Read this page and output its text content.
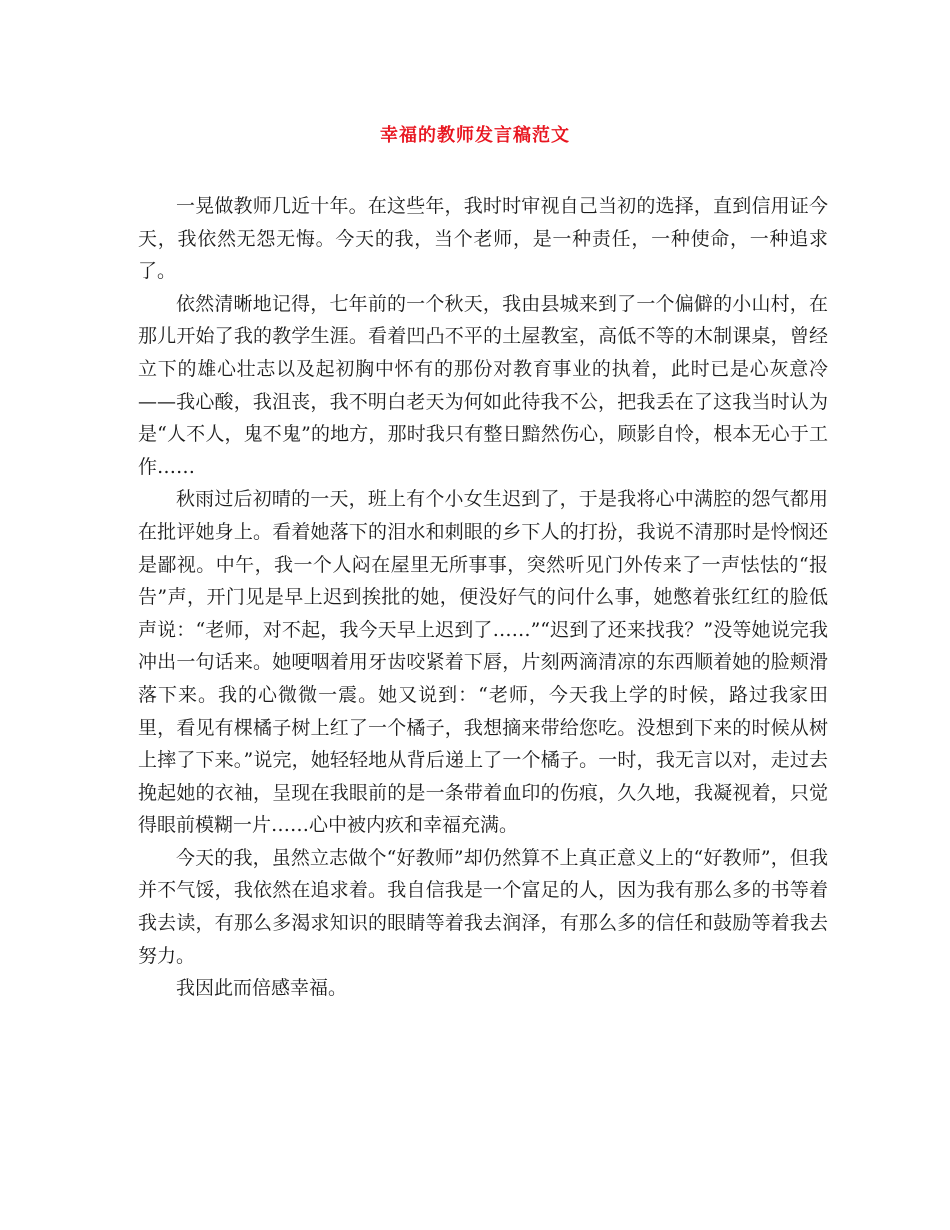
幸福的教师发言稿范文

一晃做教师几近十年。在这些年，我时时审视自己当初的选择，直到信用证今天，我依然无怨无悔。今天的我，当个老师，是一种责任，一种使命，一种追求了。

依然清晰地记得，七年前的一个秋天，我由县城来到了一个偏僻的小山村，在那儿开始了我的教学生涯。看着凹凸不平的土屋教室，高低不等的木制课桌，曾经立下的雄心壮志以及起初胸中怀有的那份对教育事业的执着，此时已是心灰意冷——我心酸，我沮丧，我不明白老天为何如此待我不公，把我丢在了这我当时认为是“人不人，鬼不鬼”的地方，那时我只有整日黯然伤心，顾影自怜，根本无心于工作……

秋雨过后初晴的一天，班上有个小女生迟到了，于是我将心中满腔的怨气都用在批评她身上。看着她落下的泪水和刺眼的乡下人的打扮，我说不清那时是怜悯还是鄙视。中午，我一个人闷在屋里无所事事，突然听见门外传来了一声怯怯的“报告”声，开门见是早上迟到挨批的她，便没好气的问什么事，她憋着张红红的脸低声说：“老师，对不起，我今天早上迟到了……”“迟到了还来找我？”没等她说完我冲出一句话来。她哽咽着用牙齿咬紧着下唇，片刻两滴清凉的东西顺着她的脸颊滑落下来。我的心微微一震。她又说到：“老师，今天我上学的时候，路过我家田里，看见有棵橘子树上红了一个橘子，我想摘来带给您吃。没想到下来的时候从树上摔了下来。”说完，她轻轻地从背后递上了一个橘子。一时，我无言以对，走过去挽起她的衣袖，呈现在我眼前的是一条带着血印的伤痕，久久地，我凝视着，只觉得眼前模糊一片……心中被内疚和幸福充满。

今天的我，虽然立志做个“好教师”却仍然算不上真正意义上的“好教师”，但我并不气馁，我依然在追求着。我自信我是一个富足的人，因为我有那么多的书等着我去读，有那么多渴求知识的眼睛等着我去润泽，有那么多的信任和鼓励等着我去努力。

我因此而倍感幸福。
